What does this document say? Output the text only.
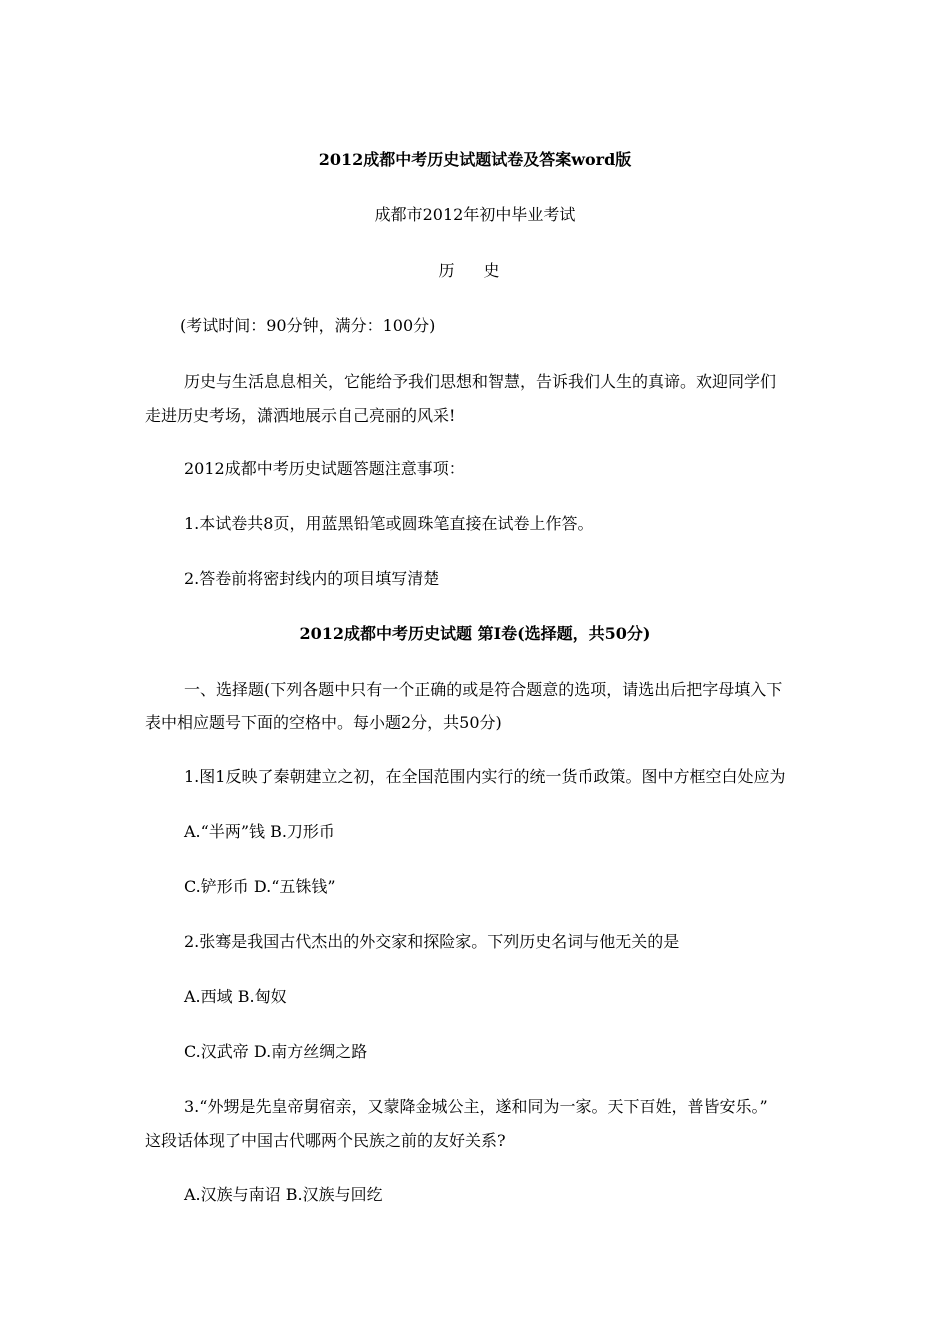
2012成都中考历史试题试卷及答案word版
成都市2012年初中毕业考试
历 史
(考试时间：90分钟，满分：100分)
历史与生活息息相关，它能给予我们思想和智慧，告诉我们人生的真谛。欢迎同学们
走进历史考场，潇洒地展示自己亮丽的风采!
2012成都中考历史试题答题注意事项：
1.本试卷共8页，用蓝黑铅笔或圆珠笔直接在试卷上作答。
2.答卷前将密封线内的项目填写清楚
2012成都中考历史试题 第Ⅰ卷(选择题，共50分)
一、选择题(下列各题中只有一个正确的或是符合题意的选项，请选出后把字母填入下
表中相应题号下面的空格中。每小题2分，共50分)
1.图1反映了秦朝建立之初，在全国范围内实行的统一货币政策。图中方框空白处应为
A.“半两”钱 B.刀形币
C.铲形币 D.“五铢钱”
2.张骞是我国古代杰出的外交家和探险家。下列历史名词与他无关的是
A.西域 B.匈奴
C.汉武帝 D.南方丝绸之路
3.“外甥是先皇帝舅宿亲，又蒙降金城公主，遂和同为一家。天下百姓，普皆安乐。”
这段话体现了中国古代哪两个民族之前的友好关系?
A.汉族与南诏 B.汉族与回纥
